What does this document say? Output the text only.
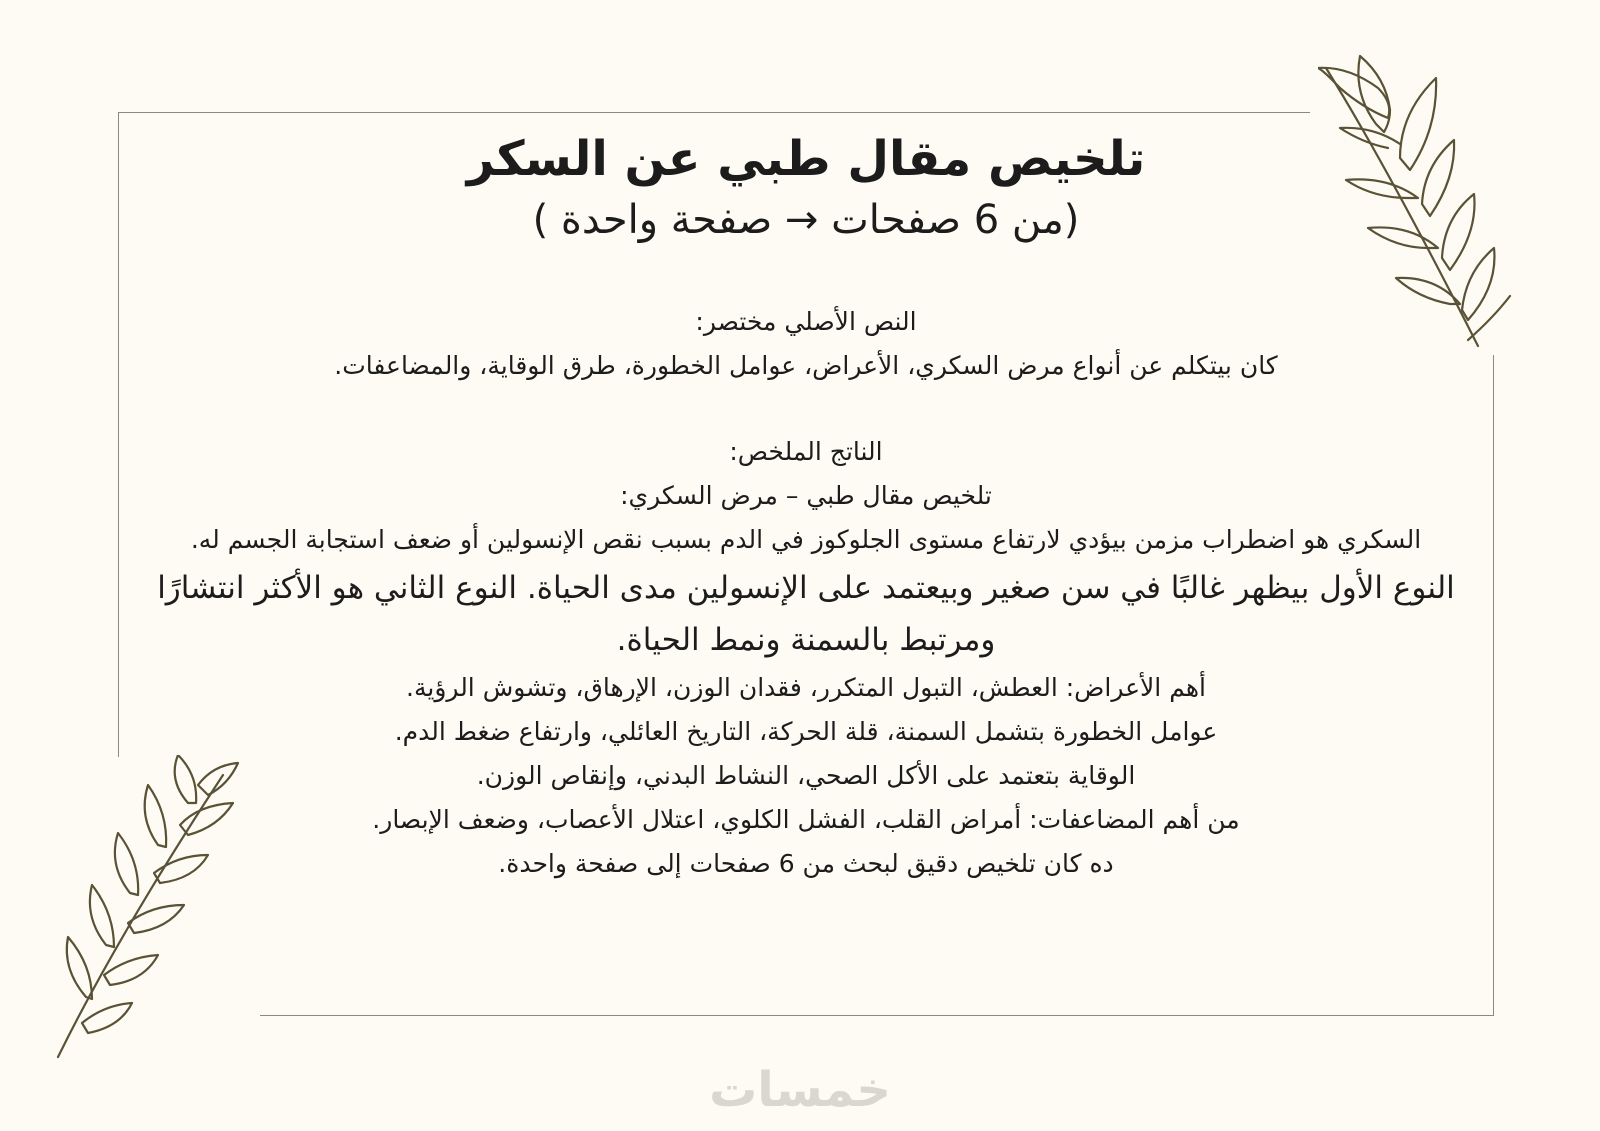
تلخيص مقال طبي عن السكر
(من 6 صفحات → صفحة واحدة )

النص الأصلي مختصر:

كان بيتكلم عن أنواع مرض السكري، الأعراض، عوامل الخطورة، طرق الوقاية، والمضاعفات.

الناتج الملخص:

تلخيص مقال طبي – مرض السكري:

السكري هو اضطراب مزمن بيؤدي لارتفاع مستوى الجلوكوز في الدم بسبب نقص الإنسولين أو ضعف استجابة الجسم له.

النوع الأول بيظهر غالبًا في سن صغير وبيعتمد على الإنسولين مدى الحياة. النوع الثاني هو الأكثر انتشارًا ومرتبط بالسمنة ونمط الحياة.

أهم الأعراض: العطش، التبول المتكرر، فقدان الوزن، الإرهاق، وتشوش الرؤية.

عوامل الخطورة بتشمل السمنة، قلة الحركة، التاريخ العائلي، وارتفاع ضغط الدم.

الوقاية بتعتمد على الأكل الصحي، النشاط البدني، وإنقاص الوزن.

من أهم المضاعفات: أمراض القلب، الفشل الكلوي، اعتلال الأعصاب، وضعف الإبصار.

ده كان تلخيص دقيق لبحث من 6 صفحات إلى صفحة واحدة.

خمسات
